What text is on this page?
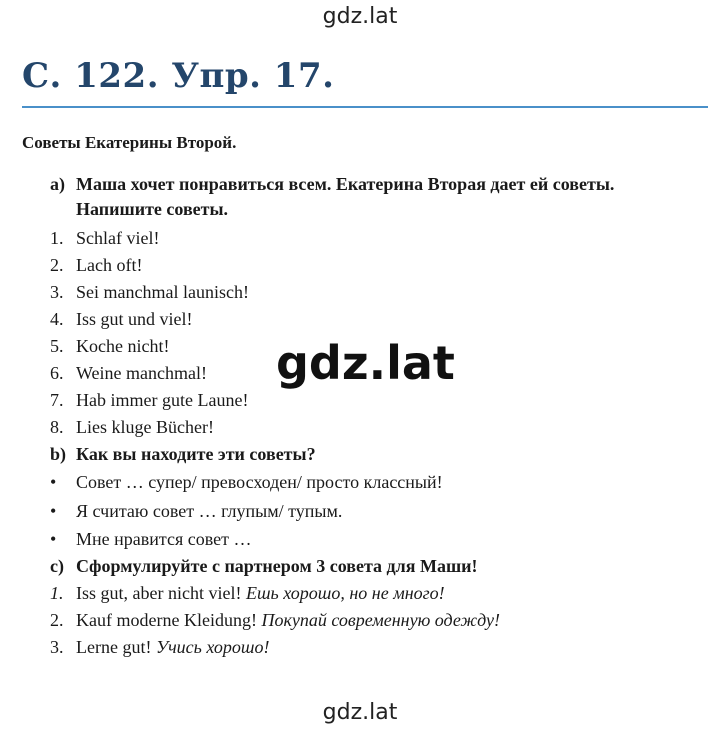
gdz.lat
С. 122. Упр. 17.
Советы Екатерины Второй.
a) Маша хочет понравиться всем. Екатерина Вторая дает ей советы.
Напишите советы.
1. Schlaf viel!
2. Lach oft!
3. Sei manchmal launisch!
4. Iss gut und viel!
5. Koche nicht!
6. Weine manchmal!
7. Hab immer gute Laune!
8. Lies kluge Bücher!
b) Как вы находите эти советы?
•	Совет … супер/ превосходен/ просто классный!
•	Я считаю совет … глупым/ тупым.
•	Мне нравится совет …
c) Сформулируйте с партнером 3 совета для Маши!
1. Iss gut, aber nicht viel! Ешь хорошо, но не много!
2. Kauf moderne Kleidung! Покупай современную одежду!
3. Lerne gut! Учись хорошо!
gdz.lat
gdz.lat
